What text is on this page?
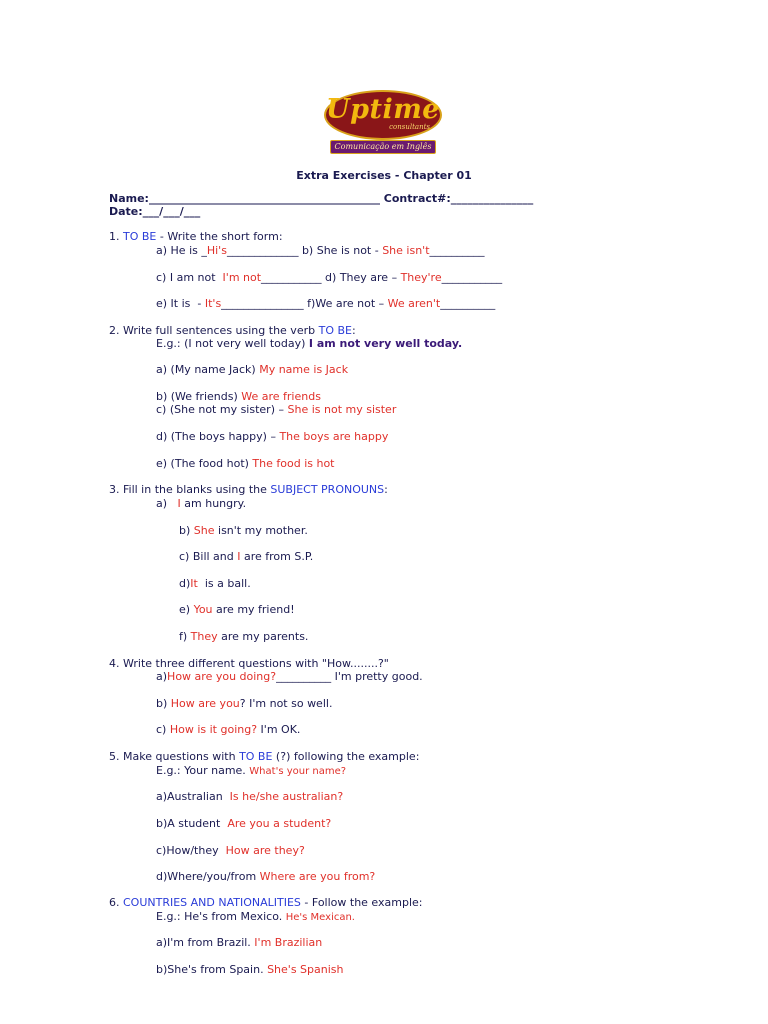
Uptime
consultants
Comunicação em Inglês
Extra Exercises - Chapter 01
Name:__________________________________________ Contract#:_______________
Date:___/___/___
1. TO BE - Write the short form:
a) He is _Hi's_____________ b) She is not - She isn't__________
c) I am not  I'm not___________ d) They are – They're___________
e) It is  - It's_______________ f)We are not – We aren't__________
2. Write full sentences using the verb TO BE:
E.g.: (I not very well today) I am not very well today.
a) (My name Jack) My name is Jack
b) (We friends) We are friends
c) (She not my sister) – She is not my sister
d) (The boys happy) – The boys are happy
e) (The food hot) The food is hot
3. Fill in the blanks using the SUBJECT PRONOUNS:
a)   I am hungry.
b) She isn't my mother.
c) Bill and I are from S.P.
d)It  is a ball.
e) You are my friend!
f) They are my parents.
4. Write three different questions with "How........?"
a)How are you doing?__________ I'm pretty good.
b) How are you? I'm not so well.
c) How is it going? I'm OK.
5. Make questions with TO BE (?) following the example:
E.g.: Your name. What's your name?
a)Australian  Is he/she australian?
b)A student  Are you a student?
c)How/they  How are they?
d)Where/you/from Where are you from?
6. COUNTRIES AND NATIONALITIES - Follow the example:
E.g.: He's from Mexico. He's Mexican.
a)I'm from Brazil. I'm Brazilian
b)She's from Spain. She's Spanish
